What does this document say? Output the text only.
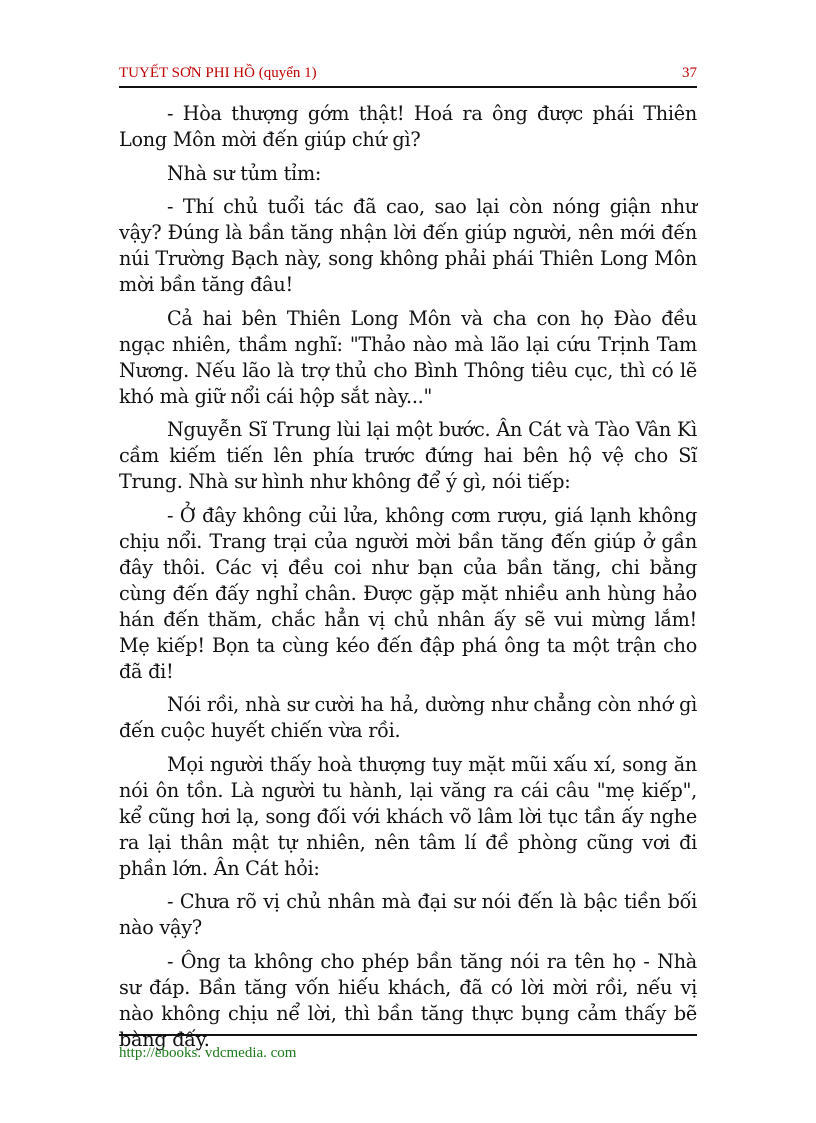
TUYẾT SƠN PHI HỒ (quyển 1)	37

- Hòa thượng gớm thật! Hoá ra ông được phái Thiên Long Môn mời đến giúp chứ gì?

Nhà sư tủm tỉm:

- Thí chủ tuổi tác đã cao, sao lại còn nóng giận như vậy? Đúng là bần tăng nhận lời đến giúp người, nên mới đến núi Trường Bạch này, song không phải phái Thiên Long Môn mời bần tăng đâu!

Cả hai bên Thiên Long Môn và cha con họ Đào đều ngạc nhiên, thầm nghĩ: "Thảo nào mà lão lại cứu Trịnh Tam Nương. Nếu lão là trợ thủ cho Bình Thông tiêu cục, thì có lẽ khó mà giữ nổi cái hộp sắt này..."

Nguyễn Sĩ Trung lùi lại một bước. Ân Cát và Tào Vân Kì cầm kiếm tiến lên phía trước đứng hai bên hộ vệ cho Sĩ Trung. Nhà sư hình như không để ý gì, nói tiếp:

- Ở đây không củi lửa, không cơm rượu, giá lạnh không chịu nổi. Trang trại của người mời bần tăng đến giúp ở gần đây thôi. Các vị đều coi như bạn của bần tăng, chi bằng cùng đến đấy nghỉ chân. Được gặp mặt nhiều anh hùng hảo hán đến thăm, chắc hẳn vị chủ nhân ấy sẽ vui mừng lắm! Mẹ kiếp! Bọn ta cùng kéo đến đập phá ông ta một trận cho đã đi!

Nói rồi, nhà sư cười ha hả, dường như chẳng còn nhớ gì đến cuộc huyết chiến vừa rồi.

Mọi người thấy hoà thượng tuy mặt mũi xấu xí, song ăn nói ôn tồn. Là người tu hành, lại văng ra cái câu "mẹ kiếp", kể cũng hơi lạ, song đối với khách võ lâm lời tục tần ấy nghe ra lại thân mật tự nhiên, nên tâm lí đề phòng cũng vơi đi phần lớn. Ân Cát hỏi:

- Chưa rõ vị chủ nhân mà đại sư nói đến là bậc tiền bối nào vậy?

- Ông ta không cho phép bần tăng nói ra tên họ - Nhà sư đáp. Bần tăng vốn hiếu khách, đã có lời mời rồi, nếu vị nào không chịu nể lời, thì bần tăng thực bụng cảm thấy bẽ bàng đấy.

http://ebooks. vdcmedia. com
